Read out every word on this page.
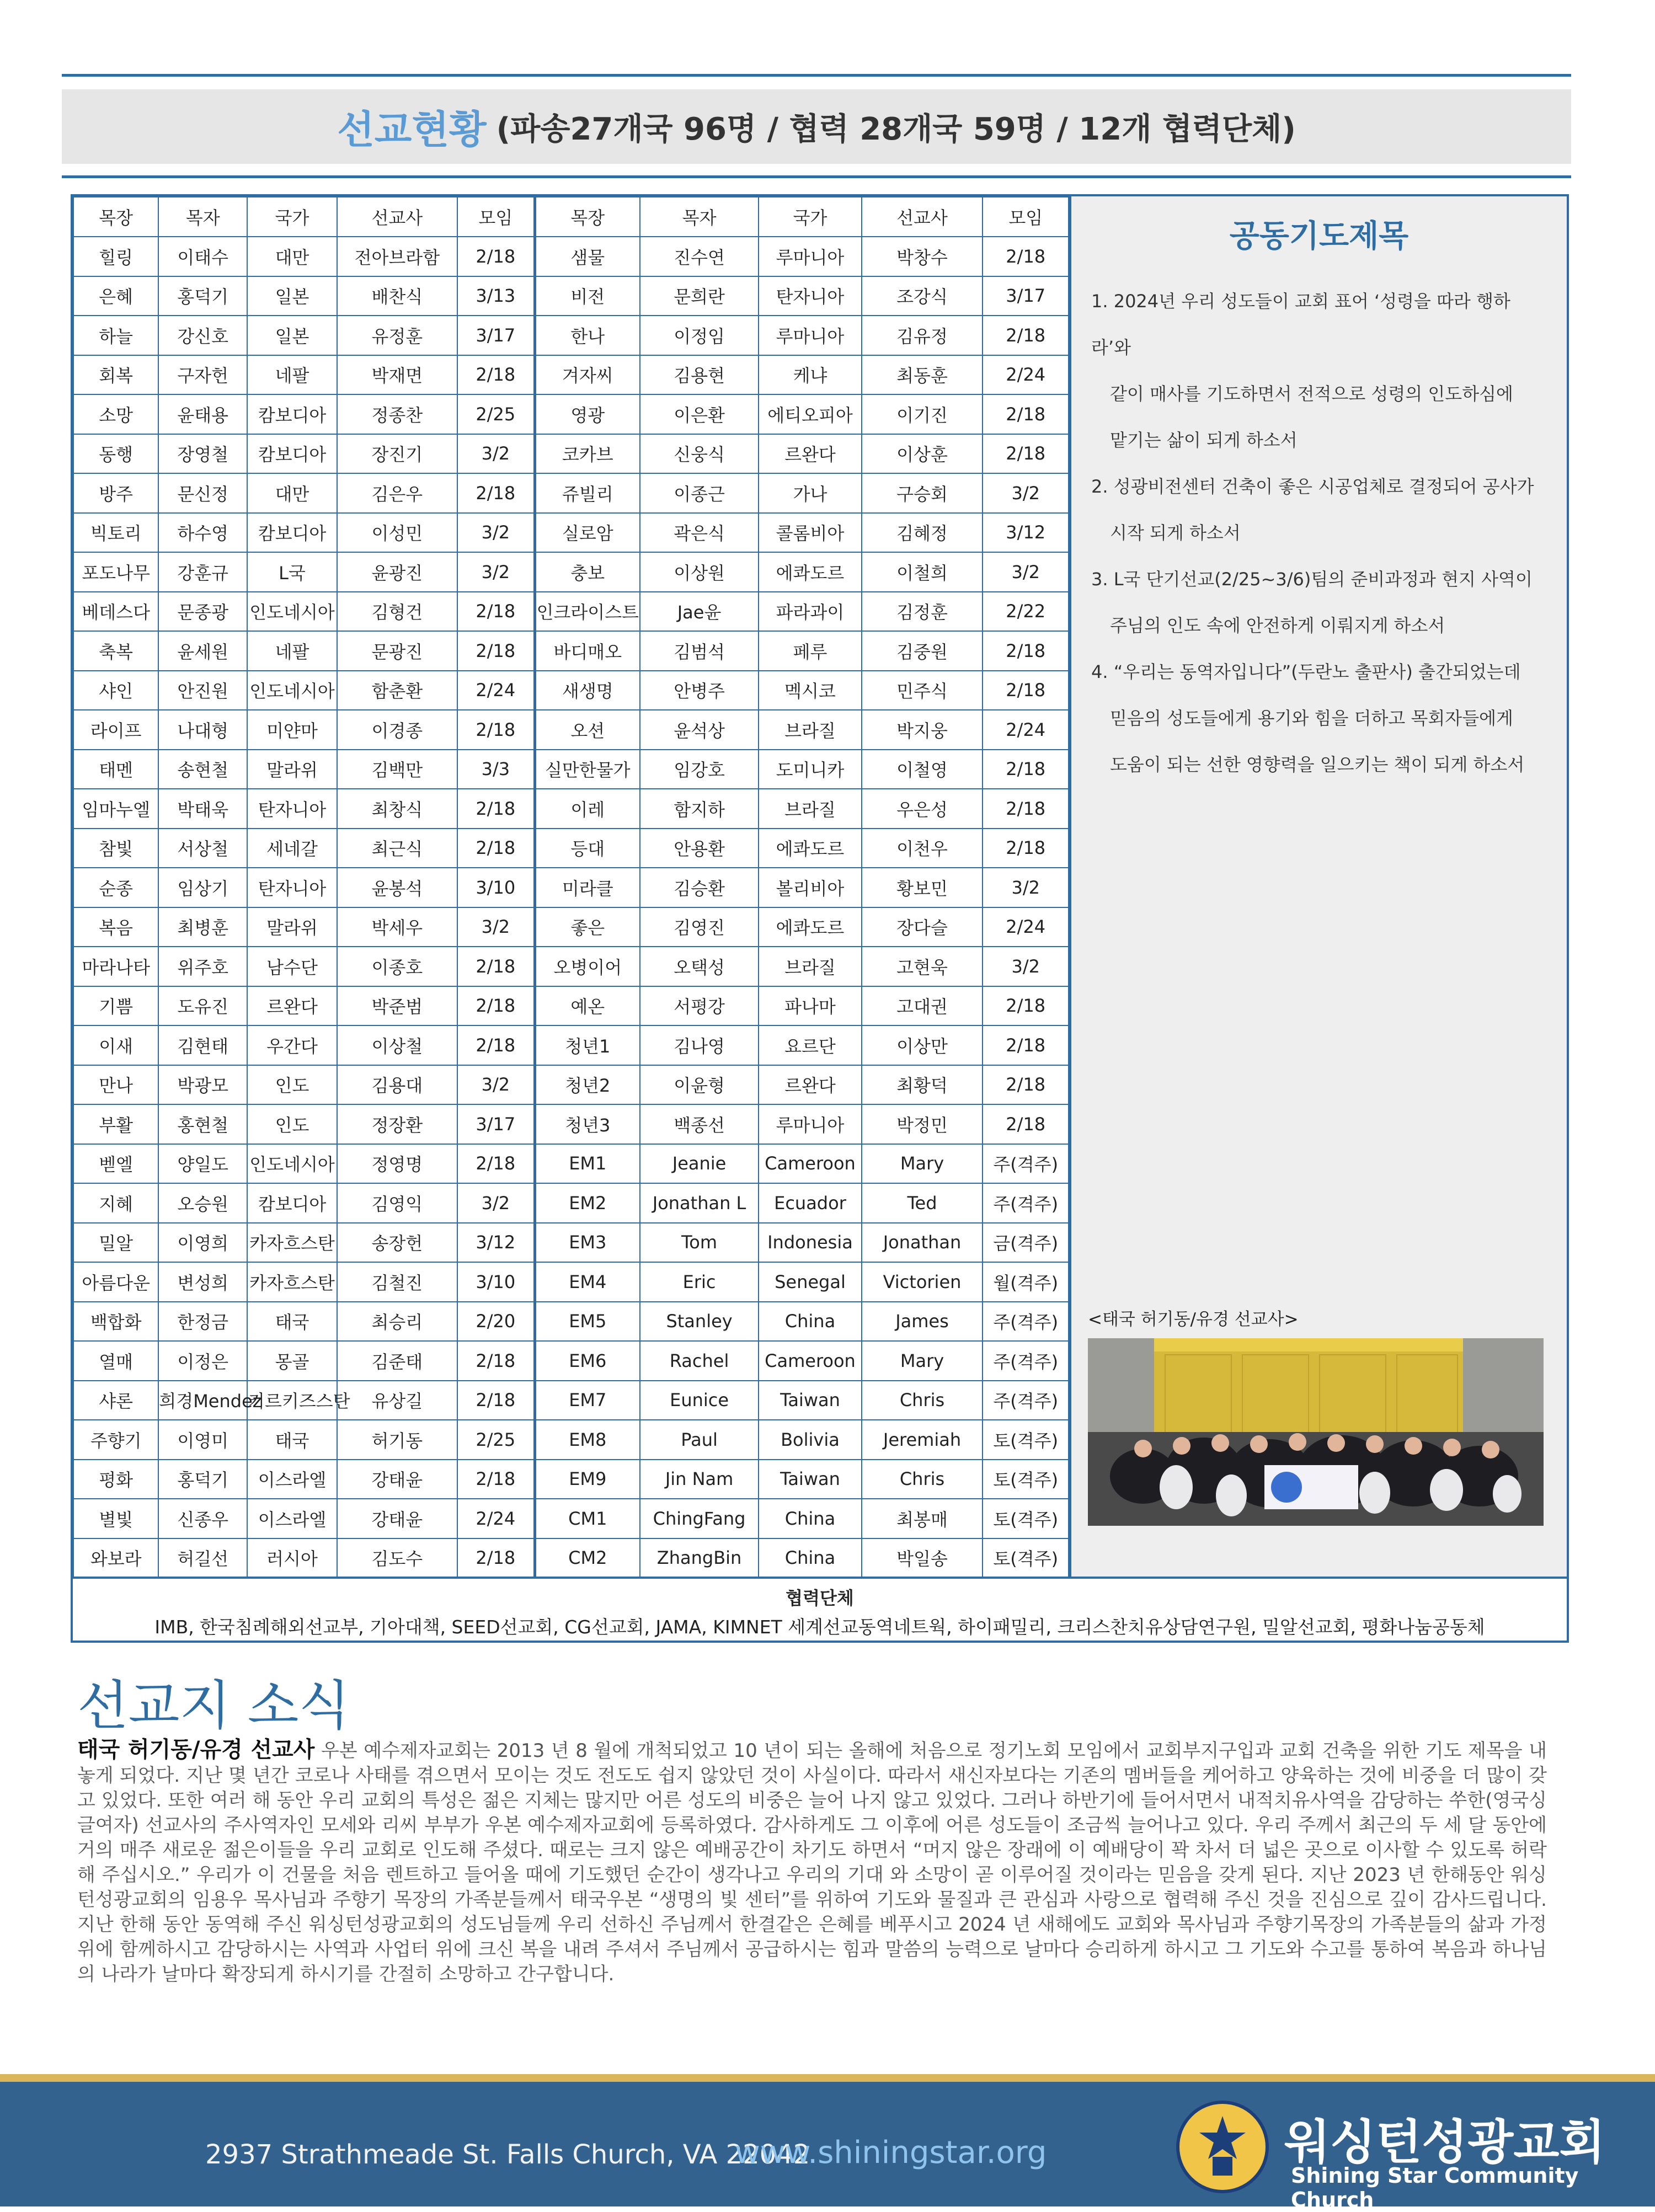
선교현황 (파송27개국 96명 / 협력 28개국 59명 / 12개 협력단체)
목장	목자	국가	선교사	모임	목장	목자	국가	선교사	모임
힐링	이태수	대만	전아브라함	2/18	샘물	진수연	루마니아	박창수	2/18
은혜	홍덕기	일본	배찬식	3/13	비전	문희란	탄자니아	조강식	3/17
하늘	강신호	일본	유정훈	3/17	한나	이정임	루마니아	김유정	2/18
회복	구자헌	네팔	박재면	2/18	겨자씨	김용현	케냐	최동훈	2/24
소망	윤태용	캄보디아	정종찬	2/25	영광	이은환	에티오피아	이기진	2/18
동행	장영철	캄보디아	장진기	3/2	코카브	신웅식	르완다	이상훈	2/18
방주	문신정	대만	김은우	2/18	쥬빌리	이종근	가나	구승회	3/2
빅토리	하수영	캄보디아	이성민	3/2	실로암	곽은식	콜롬비아	김혜정	3/12
포도나무	강훈규	L국	윤광진	3/2	충보	이상원	에콰도르	이철희	3/2
베데스다	문종광	인도네시아	김형건	2/18	인크라이스트	Jae윤	파라과이	김정훈	2/22
축복	윤세원	네팔	문광진	2/18	바디매오	김범석	페루	김중원	2/18
샤인	안진원	인도네시아	함춘환	2/24	새생명	안병주	멕시코	민주식	2/18
라이프	나대형	미얀마	이경종	2/18	오션	윤석상	브라질	박지웅	2/24
태멘	송현철	말라위	김백만	3/3	실만한물가	임강호	도미니카	이철영	2/18
임마누엘	박태욱	탄자니아	최창식	2/18	이레	함지하	브라질	우은성	2/18
참빛	서상철	세네갈	최근식	2/18	등대	안용환	에콰도르	이천우	2/18
순종	임상기	탄자니아	윤봉석	3/10	미라클	김승환	볼리비아	황보민	3/2
복음	최병훈	말라위	박세우	3/2	좋은	김영진	에콰도르	장다슬	2/24
마라나타	위주호	남수단	이종호	2/18	오병이어	오택성	브라질	고현욱	3/2
기쁨	도유진	르완다	박준범	2/18	예온	서평강	파나마	고대권	2/18
이새	김현태	우간다	이상철	2/18	청년1	김나영	요르단	이상만	2/18
만나	박광모	인도	김용대	3/2	청년2	이윤형	르완다	최황덕	2/18
부활	홍현철	인도	정장환	3/17	청년3	백종선	루마니아	박정민	2/18
벧엘	양일도	인도네시아	정영명	2/18	EM1	Jeanie	Cameroon	Mary	주(격주)
지혜	오승원	캄보디아	김영익	3/2	EM2	Jonathan L	Ecuador	Ted	주(격주)
밀알	이영희	카자흐스탄	송장헌	3/12	EM3	Tom	Indonesia	Jonathan	금(격주)
아름다운	변성희	카자흐스탄	김철진	3/10	EM4	Eric	Senegal	Victorien	월(격주)
백합화	한정금	태국	최승리	2/20	EM5	Stanley	China	James	주(격주)
열매	이정은	몽골	김준태	2/18	EM6	Rachel	Cameroon	Mary	주(격주)
샤론	희경Mendez	키르키즈스탄	유상길	2/18	EM7	Eunice	Taiwan	Chris	주(격주)
주향기	이영미	태국	허기동	2/25	EM8	Paul	Bolivia	Jeremiah	토(격주)
평화	홍덕기	이스라엘	강태윤	2/18	EM9	Jin Nam	Taiwan	Chris	토(격주)
별빛	신종우	이스라엘	강태윤	2/24	CM1	ChingFang	China	최봉매	토(격주)
와보라	허길선	러시아	김도수	2/18	CM2	ZhangBin	China	박일송	토(격주)
공동기도제목
1. 2024년 우리 성도들이 교회 표어 ‘성령을 따라 행하라’와
같이 매사를 기도하면서 전적으로 성령의 인도하심에
맡기는 삶이 되게 하소서
2. 성광비전센터 건축이 좋은 시공업체로 결정되어 공사가
시작 되게 하소서
3. L국 단기선교(2/25~3/6)팀의 준비과정과 현지 사역이
주님의 인도 속에 안전하게 이뤄지게 하소서
4. “우리는 동역자입니다”(두란노 출판사) 출간되었는데
믿음의 성도들에게 용기와 힘을 더하고 목회자들에게
도움이 되는 선한 영향력을 일으키는 책이 되게 하소서
<태국 허기동/유경 선교사>
협력단체
IMB, 한국침례해외선교부, 기아대책, SEED선교회, CG선교회, JAMA, KIMNET 세계선교동역네트웍, 하이패밀리, 크리스찬치유상담연구원, 밀알선교회, 평화나눔공동체
선교지 소식
태국 허기동/유경 선교사 우본 예수제자교회는 2013 년 8 월에 개척되었고 10 년이 되는 올해에 처음으로 정기노회 모임에서 교회부지구입과 교회 건축을 위한 기도 제목을 내놓게 되었다. 지난 몇 년간 코로나 사태를 겪으면서 모이는 것도 전도도 쉽지 않았던 것이 사실이다. 따라서 새신자보다는 기존의 멤버들을 케어하고 양육하는 것에 비중을 더 많이 갖고 있었다. 또한 여러 해 동안 우리 교회의 특성은 젊은 지체는 많지만 어른 성도의 비중은 늘어 나지 않고 있었다. 그러나 하반기에 들어서면서 내적치유사역을 감당하는 쑤한(영국싱글여자) 선교사의 주사역자인 모세와 리씨 부부가 우본 예수제자교회에 등록하였다. 감사하게도 그 이후에 어른 성도들이 조금씩 늘어나고 있다. 우리 주께서 최근의 두 세 달 동안에 거의 매주 새로운 젊은이들을 우리 교회로 인도해 주셨다. 때로는 크지 않은 예배공간이 차기도 하면서 “머지 않은 장래에 이 예배당이 꽉 차서 더 넓은 곳으로 이사할 수 있도록 허락해 주십시오.” 우리가 이 건물을 처음 렌트하고 들어올 때에 기도했던 순간이 생각나고 우리의 기대 와 소망이 곧 이루어질 것이라는 믿음을 갖게 된다. 지난 2023 년 한해동안 워싱턴성광교회의 임용우 목사님과 주향기 목장의 가족분들께서 태국우본 “생명의 빛 센터”를 위하여 기도와 물질과 큰 관심과 사랑으로 협력해 주신 것을 진심으로 깊이 감사드립니다. 지난 한해 동안 동역해 주신 워싱턴성광교회의 성도님들께 우리 선하신 주님께서 한결같은 은혜를 베푸시고 2024 년 새해에도 교회와 목사님과 주향기목장의 가족분들의 삶과 가정위에 함께하시고 감당하시는 사역과 사업터 위에 크신 복을 내려 주셔서 주님께서 공급하시는 힘과 말씀의 능력으로 날마다 승리하게 하시고 그 기도와 수고를 통하여 복음과 하나님의 나라가 날마다 확장되게 하시기를 간절히 소망하고 간구합니다.
2937 Strathmeade St. Falls Church, VA 22042
www.shiningstar.org	워싱턴성광교회
Shining Star Community Church
